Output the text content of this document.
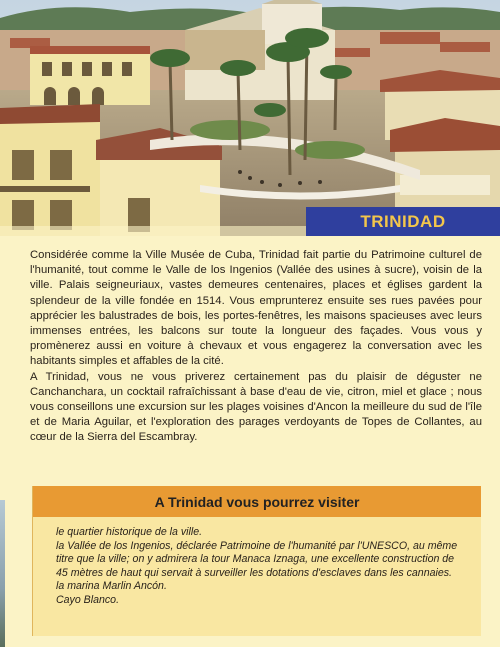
TRINIDAD

Considérée comme la Ville Musée de Cuba, Trinidad fait partie du Patrimoine culturel de l'humanité, tout comme le Valle de los Ingenios (Vallée des usines à sucre), voisin de la ville. Palais seigneuriaux, vastes demeures centenaires, places et églises gardent la splendeur de la ville fondée en 1514. Vous emprunterez ensuite ses rues pavées pour apprécier les balustrades de bois, les portes-fenêtres, les maisons spacieuses avec leurs immenses entrées, les balcons sur toute la longueur des façades. Vous vous y promènerez aussi en voiture à chevaux et vous engagerez la conversation avec les habitants simples et affables de la cité.

A Trinidad, vous ne vous priverez certainement pas du plaisir de déguster ne Canchanchara, un cocktail rafraîchissant à base d'eau de vie, citron, miel et glace ; nous vous conseillons une excursion sur les plages voisines d'Ancon la meilleure du sud de l'île et de Maria Aguilar, et l'exploration des parages verdoyants de Topes de Collantes, au cœur de la Sierra del Escambray.

A Trinidad vous pourrez visiter
le quartier historique de la ville.
la Vallée de los Ingenios, déclarée Patrimoine de l'humanité par l'UNESCO, au même titre que la ville; on y admirera la tour Manaca Iznaga, une excellente construction de 45 mètres de haut qui servait à surveiller les dotations d'esclaves dans les cannaies.
la marina Marlin Ancón.
Cayo Blanco.
